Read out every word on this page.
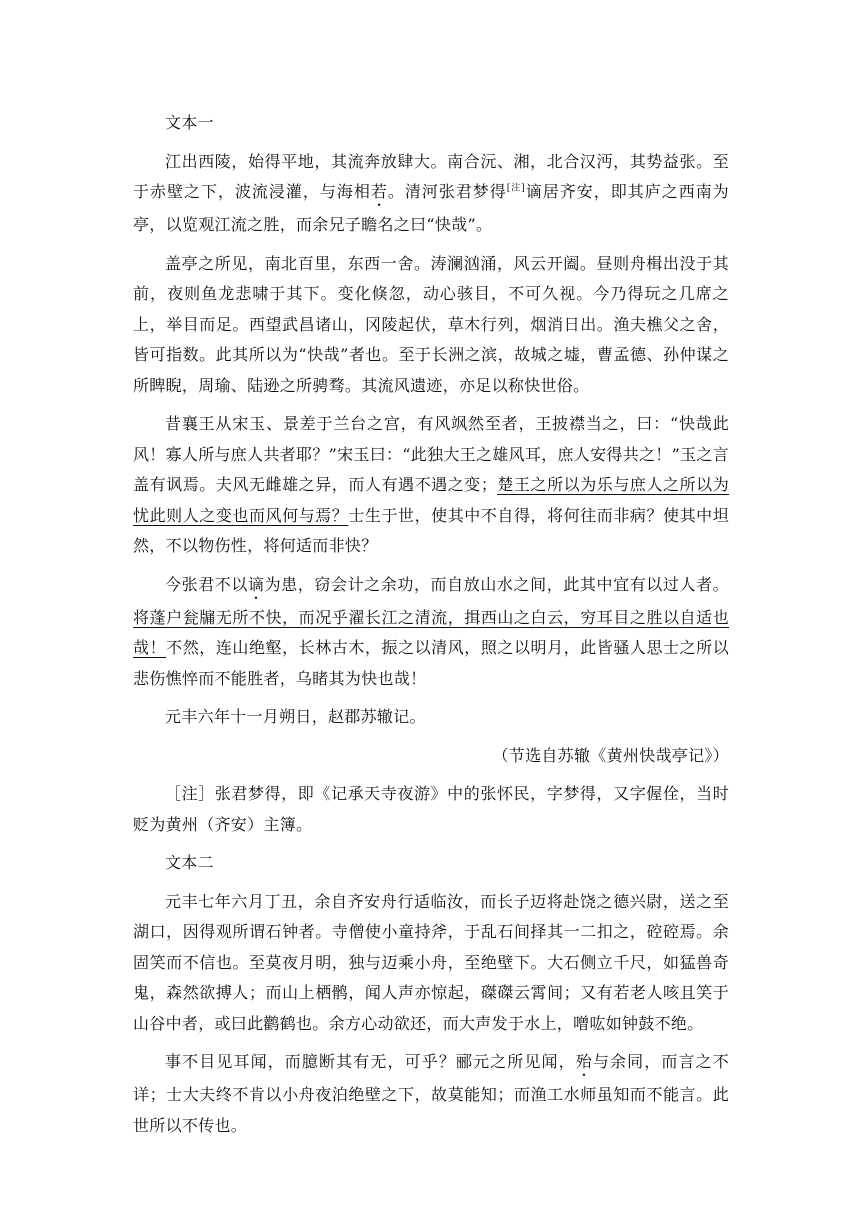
文本一

江出西陵，始得平地，其流奔放肆大。南合沅、湘，北合汉沔，其势益张。至于赤壁之下，波流浸灌，与海相若。清河张君梦得[注]谪居齐安，即其庐之西南为亭，以览观江流之胜，而余兄子瞻名之曰“快哉”。

盖亭之所见，南北百里，东西一舍。涛澜汹涌，风云开阖。昼则舟楫出没于其前，夜则鱼龙悲啸于其下。变化倏忽，动心骇目，不可久视。今乃得玩之几席之上，举目而足。西望武昌诸山，冈陵起伏，草木行列，烟消日出。渔夫樵父之舍，皆可指数。此其所以为“快哉”者也。至于长洲之滨，故城之墟，曹孟德、孙仲谋之所睥睨，周瑜、陆逊之所骋骛。其流风遗迹，亦足以称快世俗。

昔襄王从宋玉、景差于兰台之宫，有风飒然至者，王披襟当之，曰：“快哉此风！寡人所与庶人共者耶？”宋玉曰：“此独大王之雄风耳，庶人安得共之！”玉之言盖有讽焉。夫风无雌雄之异，而人有遇不遇之变；楚王之所以为乐与庶人之所以为忧此则人之变也而风何与焉？士生于世，使其中不自得，将何往而非病？使其中坦然，不以物伤性，将何适而非快？

今张君不以谪为患，窃会计之余功，而自放山水之间，此其中宜有以过人者。将蓬户瓮牖无所不快，而况乎濯长江之清流，揖西山之白云，穷耳目之胜以自适也哉！不然，连山绝壑，长林古木，振之以清风，照之以明月，此皆骚人思士之所以悲伤憔悴而不能胜者，乌睹其为快也哉！

元丰六年十一月朔日，赵郡苏辙记。

（节选自苏辙《黄州快哉亭记》）

［注］张君梦得，即《记承天寺夜游》中的张怀民，字梦得，又字偓佺，当时贬为黄州（齐安）主簿。

文本二

元丰七年六月丁丑，余自齐安舟行适临汝，而长子迈将赴饶之德兴尉，送之至湖口，因得观所谓石钟者。寺僧使小童持斧，于乱石间择其一二扣之，硿硿焉。余固笑而不信也。至莫夜月明，独与迈乘小舟，至绝壁下。大石侧立千尺，如猛兽奇鬼，森然欲搏人；而山上栖鹘，闻人声亦惊起，磔磔云霄间；又有若老人咳且笑于山谷中者，或曰此鹳鹤也。余方心动欲还，而大声发于水上，噌吰如钟鼓不绝。

事不目见耳闻，而臆断其有无，可乎？郦元之所见闻，殆与余同，而言之不详；士大夫终不肯以小舟夜泊绝壁之下，故莫能知；而渔工水师虽知而不能言。此世所以不传也。
